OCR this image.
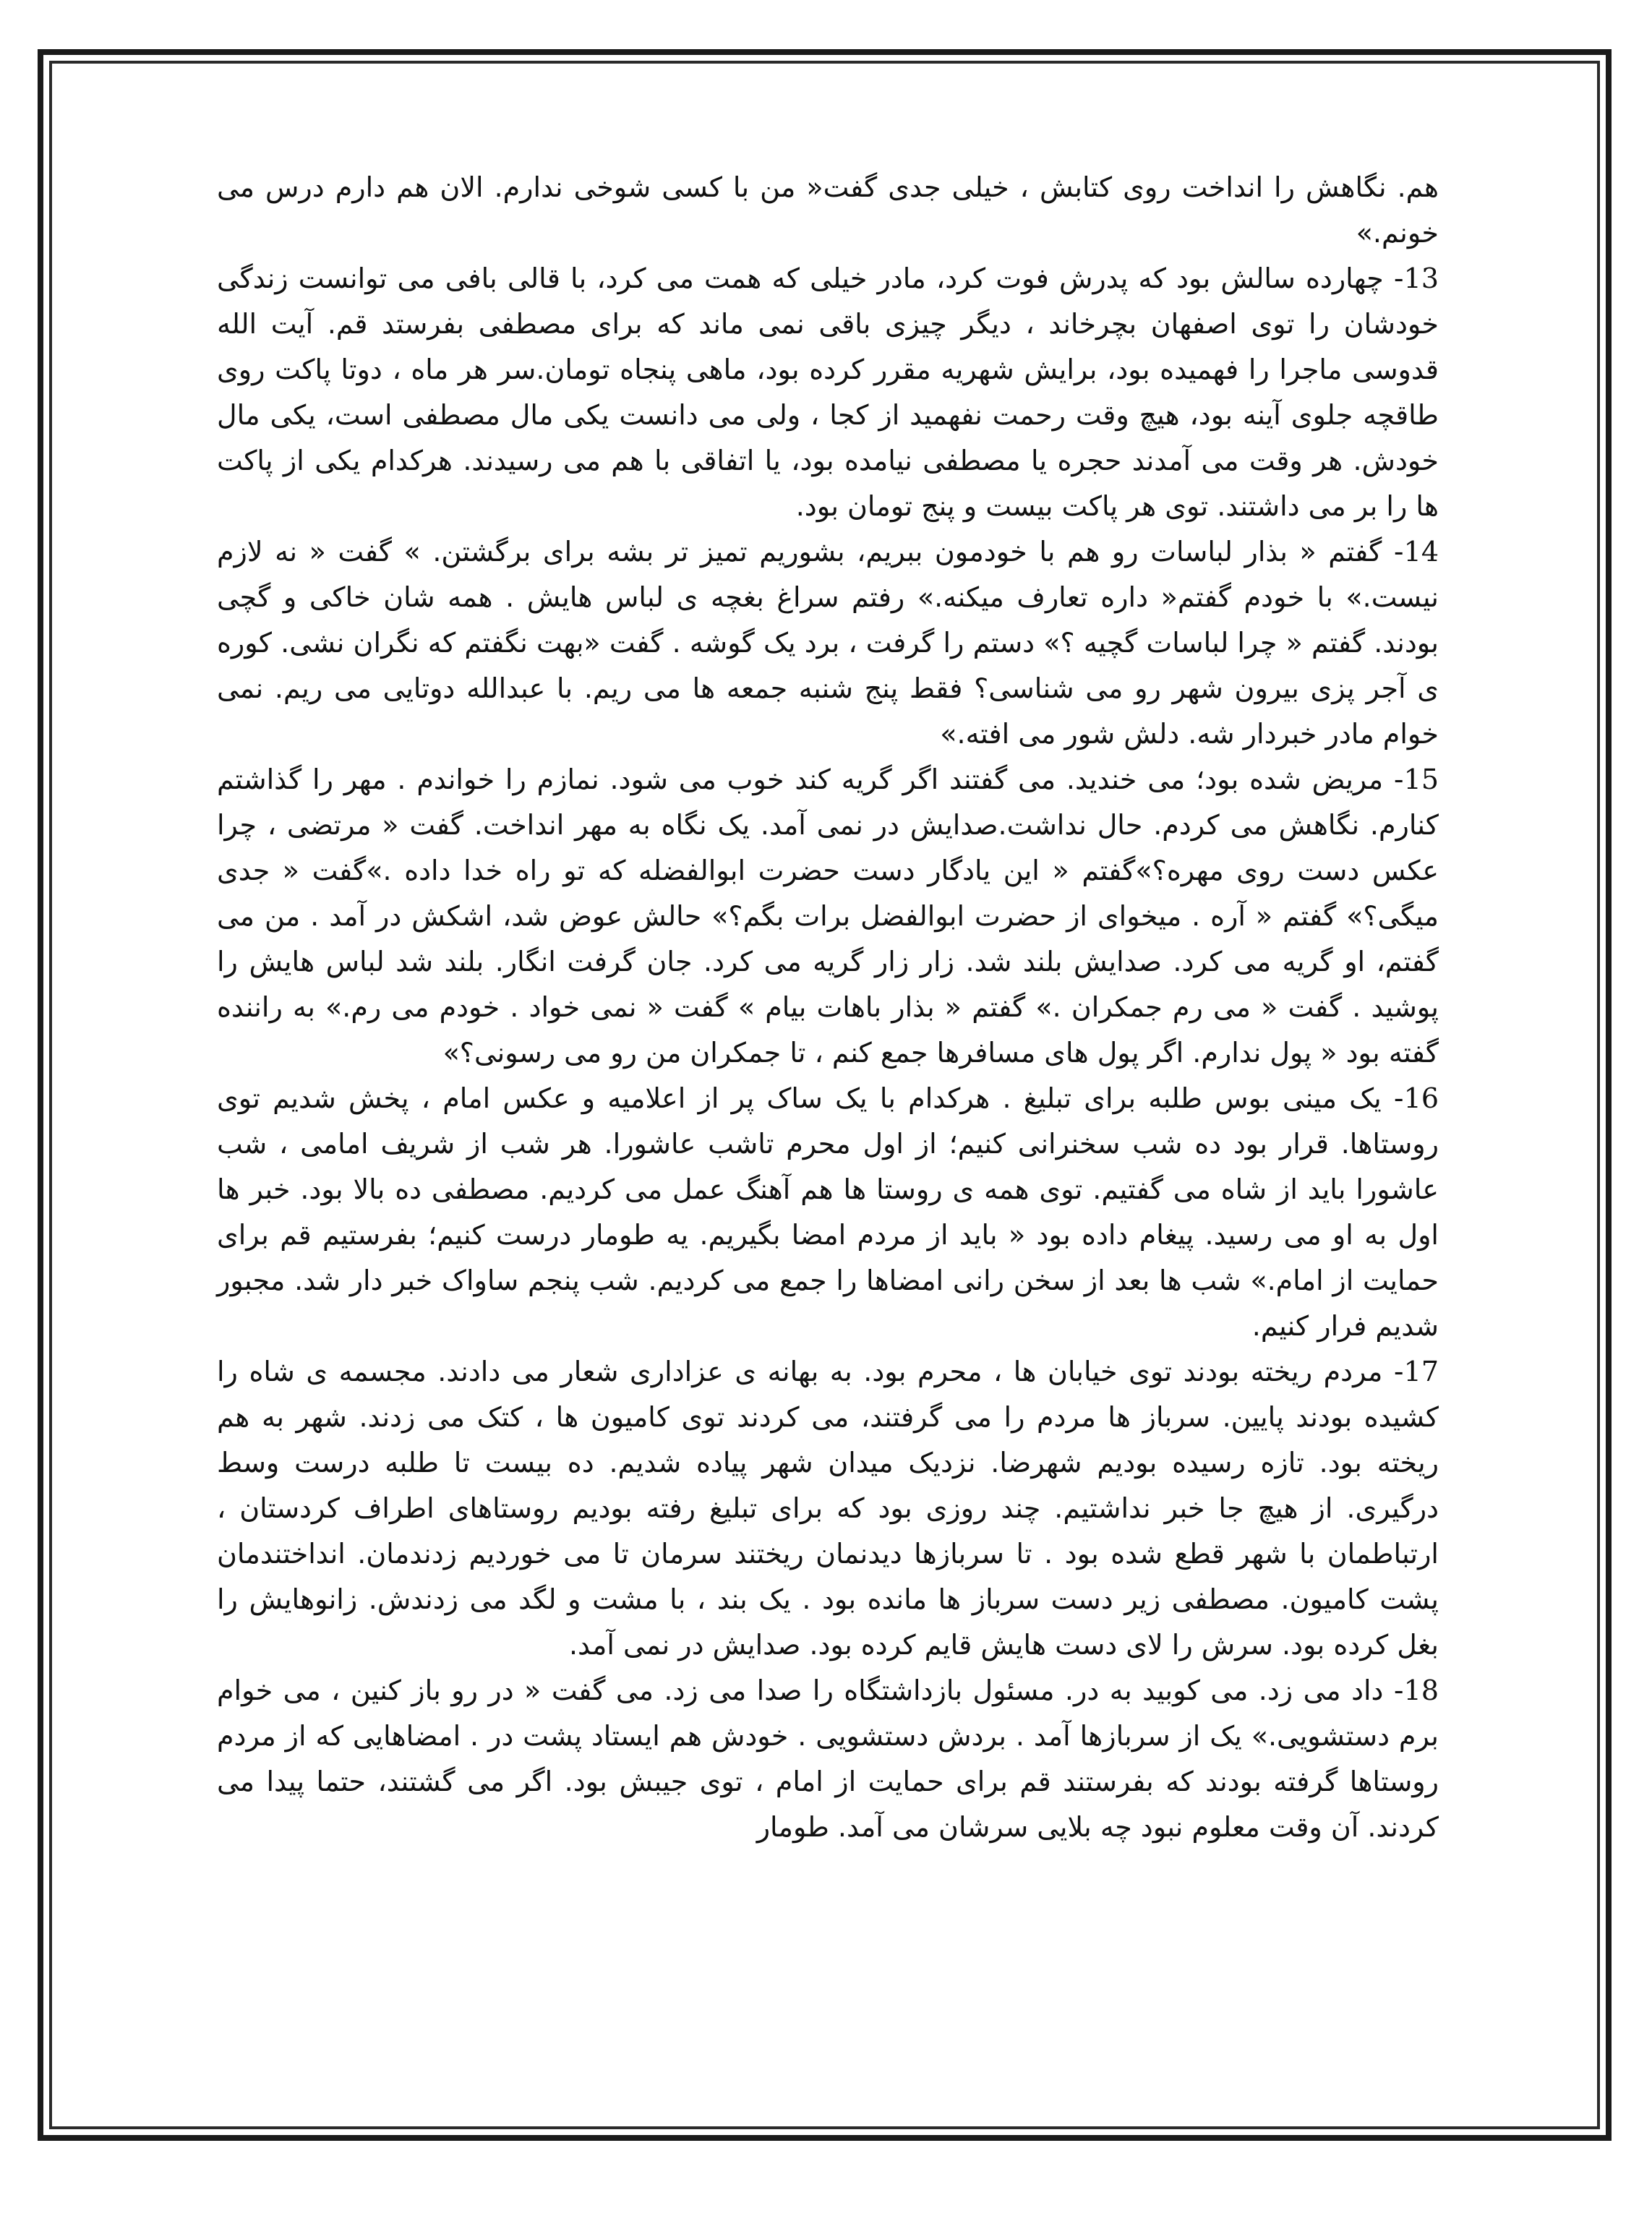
هم. نگاهش را انداخت روی کتابش ، خیلی جدی گفت« من با کسی شوخی ندارم. الان هم دارم درس می خونم.»

13- چهارده سالش بود که پدرش فوت کرد، مادر خیلی که همت می کرد، با قالی بافی می توانست زندگی خودشان را توی اصفهان بچرخاند ، دیگر چیزی باقی نمی ماند که برای مصطفی بفرستد قم. آیت الله قدوسی ماجرا را فهمیده بود، برایش شهریه مقرر کرده بود، ماهی پنجاه تومان.سر هر ماه ، دوتا پاکت روی طاقچه جلوی آینه بود، هیچ وقت رحمت نفهمید از کجا ، ولی می دانست یکی مال مصطفی است، یکی مال خودش. هر وقت می آمدند حجره یا مصطفی نیامده بود، یا اتفاقی با هم می رسیدند. هرکدام یکی از پاکت ها را بر می داشتند. توی هر پاکت بیست و پنج تومان بود.

14- گفتم « بذار لباسات رو هم با خودمون ببریم، بشوریم تمیز تر بشه برای برگشتن. » گفت « نه لازم نیست.» با خودم گفتم« داره تعارف میکنه.» رفتم سراغ بغچه ی لباس هایش . همه شان خاکی و گچی بودند. گفتم « چرا لباسات گچیه ؟» دستم را گرفت ، برد یک گوشه . گفت «بهت نگفتم که نگران نشی. کوره ی آجر پزی بیرون شهر رو می شناسی؟ فقط پنج شنبه جمعه ها می ریم. با عبدالله دوتایی می ریم. نمی خوام مادر خبردار شه. دلش شور می افته.»

15- مریض شده بود؛ می خندید. می گفتند اگر گریه کند خوب می شود. نمازم را خواندم . مهر را گذاشتم کنارم. نگاهش می کردم. حال نداشت.صدایش در نمی آمد. یک نگاه به مهر انداخت. گفت « مرتضی ، چرا عکس دست روی مهره؟»گفتم « این یادگار دست حضرت ابوالفضله که تو راه خدا داده .»گفت « جدی میگی؟» گفتم « آره . میخوای از حضرت ابوالفضل برات بگم؟» حالش عوض شد، اشکش در آمد . من می گفتم، او گریه می کرد. صدایش بلند شد. زار زار گریه می کرد. جان گرفت انگار. بلند شد لباس هایش را پوشید . گفت « می رم جمکران .» گفتم « بذار باهات بیام » گفت « نمی خواد . خودم می رم.» به راننده گفته بود « پول ندارم. اگر پول های مسافرها جمع کنم ، تا جمکران من رو می رسونی؟»

16- یک مینی بوس طلبه برای تبلیغ . هرکدام با یک ساک پر از اعلامیه و عکس امام ، پخش شدیم توی روستاها. قرار بود ده شب سخنرانی کنیم؛ از اول محرم تاشب عاشورا. هر شب از شریف امامی ، شب عاشورا باید از شاه می گفتیم. توی همه ی روستا ها هم آهنگ عمل می کردیم. مصطفی ده بالا بود. خبر ها اول به او می رسید. پیغام داده بود « باید از مردم امضا بگیریم. یه طومار درست کنیم؛ بفرستیم قم برای حمایت از امام.» شب ها بعد از سخن رانی امضاها را جمع می کردیم. شب پنجم ساواک خبر دار شد. مجبور شدیم فرار کنیم.

17- مردم ریخته بودند توی خیابان ها ، محرم بود. به بهانه ی عزاداری شعار می دادند. مجسمه ی شاه را کشیده بودند پایین. سرباز ها مردم را می گرفتند، می کردند توی کامیون ها ، کتک می زدند. شهر به هم ریخته بود. تازه رسیده بودیم شهرضا. نزدیک میدان شهر پیاده شدیم. ده بیست تا طلبه درست وسط درگیری. از هیچ جا خبر نداشتیم. چند روزی بود که برای تبلیغ رفته بودیم روستاهای اطراف کردستان ، ارتباطمان با شهر قطع شده بود . تا سربازها دیدنمان ریختند سرمان تا می خوردیم زدندمان. انداختندمان پشت کامیون. مصطفی زیر دست سرباز ها مانده بود . یک بند ، با مشت و لگد می زدندش. زانوهایش را بغل کرده بود. سرش را لای دست هایش قایم کرده بود. صدایش در نمی آمد.

18- داد می زد. می کوبید به در. مسئول بازداشتگاه را صدا می زد. می گفت « در رو باز کنین ، می خوام برم دستشویی.» یک از سربازها آمد . بردش دستشویی . خودش هم ایستاد پشت در . امضاهایی که از مردم روستاها گرفته بودند که بفرستند قم برای حمایت از امام ، توی جیبش بود. اگر می گشتند، حتما پیدا می کردند. آن وقت معلوم نبود چه بلایی سرشان می آمد. طومار
